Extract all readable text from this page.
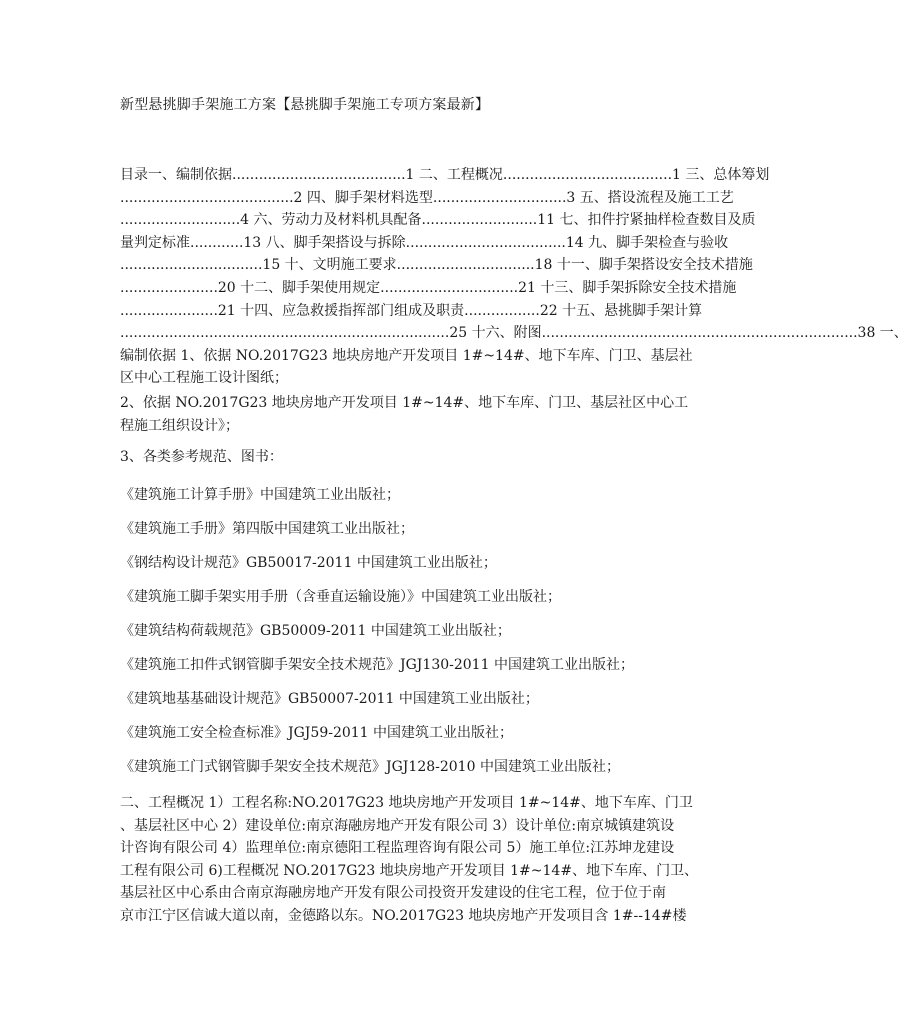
新型悬挑脚手架施工方案【悬挑脚手架施工专项方案最新】
目录一、编制依据.......................................1 二、工程概况......................................1 三、总体筹划
.......................................2 四、脚手架材料选型..............................3 五、搭设流程及施工工艺
...........................4 六、劳动力及材料机具配备..........................11 七、扣件拧紧抽样检查数目及质
量判定标准............13 八、脚手架搭设与拆除....................................14 九、脚手架检查与验收
................................15 十、文明施工要求...............................18 十一、脚手架搭设安全技术措施
......................20 十二、脚手架使用规定...............................21 十三、脚手架拆除安全技术措施
......................21 十四、应急救援指挥部门组成及职责.................22 十五、悬挑脚手架计算
..........................................................................25 十六、附图.......................................................................38 一、
编制依据 1、依据 NO.2017G23 地块房地产开发项目 1#~14#、地下车库、门卫、基层社
区中心工程施工设计图纸；
2、依据 NO.2017G23 地块房地产开发项目 1#~14#、地下车库、门卫、基层社区中心工
程施工组织设计》；
3、各类参考规范、图书：
《建筑施工计算手册》中国建筑工业出版社；
《建筑施工手册》第四版中国建筑工业出版社；
《钢结构设计规范》GB50017-2011 中国建筑工业出版社；
《建筑施工脚手架实用手册（含垂直运输设施）》中国建筑工业出版社；
《建筑结构荷载规范》GB50009-2011 中国建筑工业出版社；
《建筑施工扣件式钢管脚手架安全技术规范》JGJ130-2011 中国建筑工业出版社；
《建筑地基基础设计规范》GB50007-2011 中国建筑工业出版社；
《建筑施工安全检查标准》JGJ59-2011 中国建筑工业出版社；
《建筑施工门式钢管脚手架安全技术规范》JGJ128-2010 中国建筑工业出版社；
二、工程概况 1）工程名称:NO.2017G23 地块房地产开发项目 1#~14#、地下车库、门卫
、基层社区中心 2）建设单位:南京海融房地产开发有限公司 3）设计单位:南京城镇建筑设
计咨询有限公司 4）监理单位:南京德阳工程监理咨询有限公司 5）施工单位:江苏坤龙建设
工程有限公司 6)工程概况 NO.2017G23 地块房地产开发项目 1#~14#、地下车库、门卫、
基层社区中心系由合南京海融房地产开发有限公司投资开发建设的住宅工程，位于位于南
京市江宁区信诚大道以南，金德路以东。NO.2017G23 地块房地产开发项目含 1#--14#楼
